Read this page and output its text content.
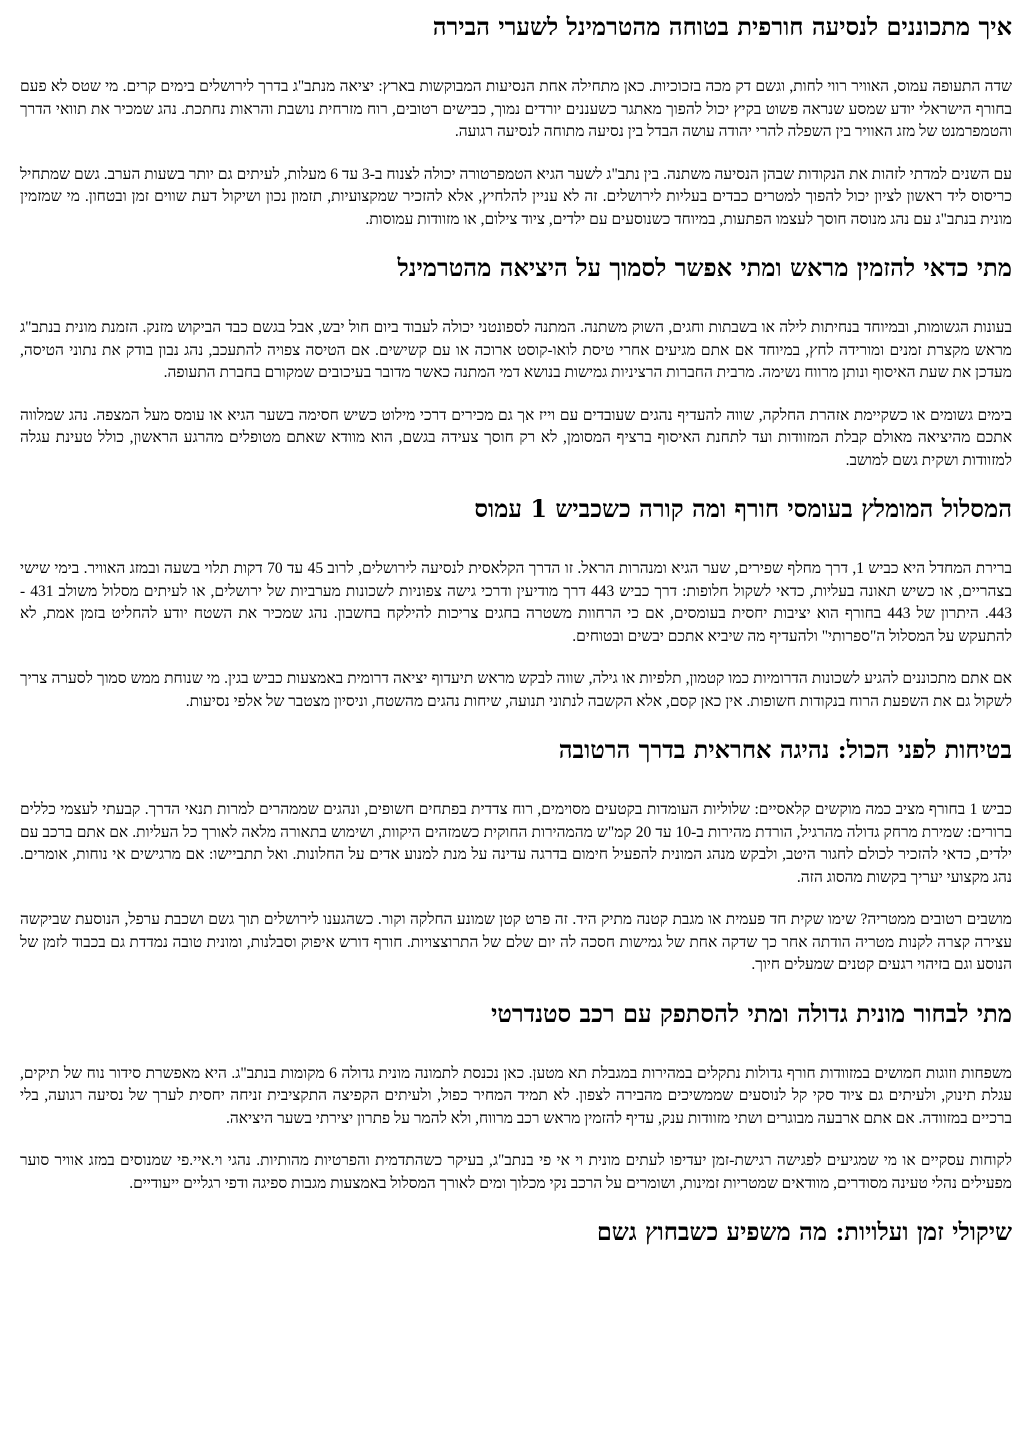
איך מתכוננים לנסיעה חורפית בטוחה מהטרמינל לשערי הבירה

שדה התעופה עמוס, האוויר רווי לחות, וגשם דק מכה בזכוכיות. כאן מתחילה אחת הנסיעות המבוקשות בארץ: יציאה מנתב"ג בדרך לירושלים בימים קרים. מי שטס לא פעם בחורף הישראלי יודע שמסע שנראה פשוט בקיץ יכול להפוך מאתגר כשעננים יורדים נמוך, כבישים רטובים, רוח מזרחית נושבת והראות נחתכת. נהג שמכיר את תוואי הדרך והטמפרמנט של מזג האוויר בין השפלה להרי יהודה עושה הבדל בין נסיעה מתוחה לנסיעה רגועה.

עם השנים למדתי לזהות את הנקודות שבהן הנסיעה משתנה. בין נתב"ג לשער הגיא הטמפרטורה יכולה לצנוח ב-3 עד 6 מעלות, לעיתים גם יותר בשעות הערב. גשם שמתחיל כריסוס ליד ראשון לציון יכול להפוך למטרים כבדים בעליות לירושלים. זה לא עניין להלחיץ, אלא להזכיר שמקצועיות, תזמון נכון ושיקול דעת שווים זמן ובטחון. מי שמזמין מונית בנתב"ג עם נהג מנוסה חוסך לעצמו הפתעות, במיוחד כשנוסעים עם ילדים, ציוד צילום, או מזוודות עמוסות.

מתי כדאי להזמין מראש ומתי אפשר לסמוך על היציאה מהטרמינל

בעונות הגשומות, ובמיוחד בנחיתות לילה או בשבתות וחגים, השוק משתנה. המתנה לספונטני יכולה לעבוד ביום חול יבש, אבל בגשם כבד הביקוש מזנק. הזמנת מונית בנתב"ג מראש מקצרת זמנים ומורידה לחץ, במיוחד אם אתם מגיעים אחרי טיסת לואו-קוסט ארוכה או עם קשישים. אם הטיסה צפויה להתעכב, נהג נבון בודק את נתוני הטיסה, מעדכן את שעת האיסוף ונותן מרווח נשימה. מרבית החברות הרציניות גמישות בנושא דמי המתנה כאשר מדובר בעיכובים שמקורם בחברת התעופה.

בימים גשומים או כשקיימת אזהרת החלקה, שווה להעדיף נהגים שעובדים עם וייז אך גם מכירים דרכי מילוט כשיש חסימה בשער הגיא או עומס מעל המצפה. נהג שמלווה אתכם מהיציאה מאולם קבלת המזוודות ועד לתחנת האיסוף ברציף המסומן, לא רק חוסך צעידה בגשם, הוא מוודא שאתם מטופלים מהרגע הראשון, כולל טעינת עגלה למזוודות ושקית גשם למושב.

המסלול המומלץ בעומסי חורף ומה קורה כשכביש 1 עמוס

ברירת המחדל היא כביש 1, דרך מחלף שפירים, שער הגיא ומנהרות הראל. זו הדרך הקלאסית לנסיעה לירושלים, לרוב 45 עד 70 דקות תלוי בשעה ובמזג האוויר. בימי שישי בצהריים, או כשיש תאונה בעליות, כדאי לשקול חלופות: דרך כביש 443 דרך מודיעין ודרכי גישה צפוניות לשכונות מערביות של ירושלים, או לעיתים מסלול משולב 431 - 443. היתרון של 443 בחורף הוא יציבות יחסית בעומסים, אם כי הרחוות משטרה בחגים צריכות להילקח בחשבון. נהג שמכיר את השטח יודע להחליט בזמן אמת, לא להתעקש על המסלול ה"ספרותי" ולהעדיף מה שיביא אתכם יבשים ובטוחים.

אם אתם מתכוננים להגיע לשכונות הדרומיות כמו קטמון, תלפיות או גילה, שווה לבקש מראש תיעדוף יציאה דרומית באמצעות כביש בגין. מי שנוחת ממש סמוך לסערה צריך לשקול גם את השפעת הרוח בנקודות חשופות. אין כאן קסם, אלא הקשבה לנתוני תנועה, שיחות נהגים מהשטח, וניסיון מצטבר של אלפי נסיעות.

בטיחות לפני הכול: נהיגה אחראית בדרך הרטובה

כביש 1 בחורף מציב כמה מוקשים קלאסיים: שלוליות העומדות בקטעים מסוימים, רוח צדדית בפתחים חשופים, ונהגים שממהרים למרות תנאי הדרך. קבעתי לעצמי כללים ברורים: שמירת מרחק גדולה מהרגיל, הורדת מהירות ב-10 עד 20 קמ"ש מהמהירות החוקית כשמזהים היקוות, ושימוש בתאורה מלאה לאורך כל העליות. אם אתם ברכב עם ילדים, כדאי להזכיר לכולם לחגור היטב, ולבקש מנהג המונית להפעיל חימום בדרגה עדינה על מנת למנוע אדים על החלונות. ואל תתביישו: אם מרגישים אי נוחות, אומרים. נהג מקצועי יעריך בקשות מהסוג הזה.

מושבים רטובים ממטריה? שימו שקית חד פעמית או מגבת קטנה מתיק היד. זה פרט קטן שמונע החלקה וקור. כשהגענו לירושלים תוך גשם ושכבת ערפל, הנוסעת שביקשה עצירה קצרה לקנות מטריה הודתה אחר כך שדקה אחת של גמישות חסכה לה יום שלם של התרוצצויות. חורף דורש איפוק וסבלנות, ומונית טובה נמדדת גם בכבוד לזמן של הנוסע וגם בזיהוי רגעים קטנים שמעלים חיוך.

מתי לבחור מונית גדולה ומתי להסתפק עם רכב סטנדרטי

משפחות וזוגות חמושים במזוודות חורף גדולות נתקלים במהירות במגבלת תא מטען. כאן נכנסת לתמונה מונית גדולה 6 מקומות בנתב"ג. היא מאפשרת סידור נוח של תיקים, עגלת תינוק, ולעיתים גם ציוד סקי קל לנוסעים שממשיכים מהבירה לצפון. לא תמיד המחיר כפול, ולעיתים הקפיצה התקציבית זניחה יחסית לערך של נסיעה רגועה, בלי ברכיים במזוודה. אם אתם ארבעה מבוגרים ושתי מזוודות ענק, עדיף להזמין מראש רכב מרווח, ולא להמר על פתרון יצירתי בשער היציאה.

לקוחות עסקיים או מי שמגיעים לפגישה רגישת-זמן יעדיפו לעתים מונית וי אי פי בנתב"ג, בעיקר כשהתדמית והפרטיות מהותיות. נהגי וי.איי.פי שמנוסים במזג אוויר סוער מפעילים נהלי טעינה מסודרים, מוודאים שמטריות זמינות, ושומרים על הרכב נקי מכלוך ומים לאורך המסלול באמצעות מגבות ספיגה ודפי רגליים ייעודיים.

שיקולי זמן ועלויות: מה משפיע כשבחוץ גשם
